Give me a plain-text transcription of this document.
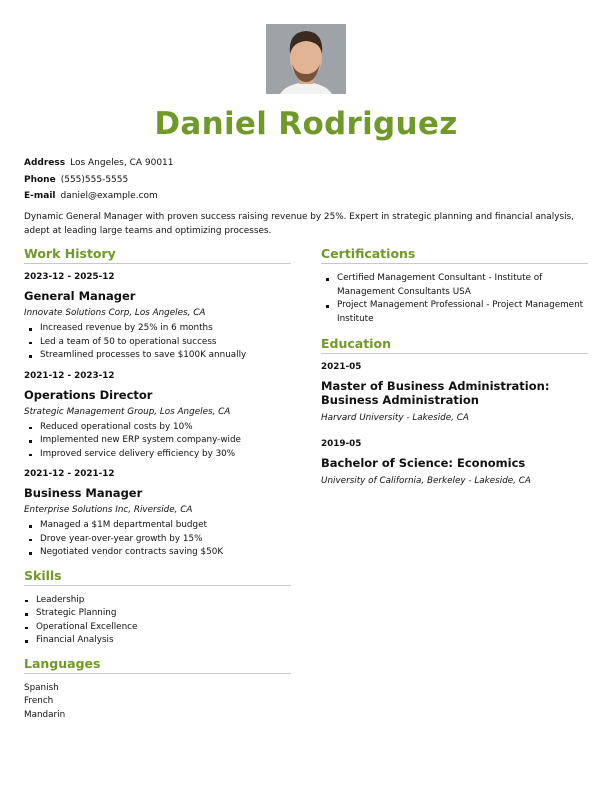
Daniel Rodriguez
Address Los Angeles, CA 90011
Phone (555)555-5555
E-mail daniel@example.com
Dynamic General Manager with proven success raising revenue by 25%. Expert in strategic planning and financial analysis, adept at leading large teams and optimizing processes.
Work History
2023-12 - 2025-12
General Manager
Innovate Solutions Corp, Los Angeles, CA
Increased revenue by 25% in 6 months
Led a team of 50 to operational success
Streamlined processes to save $100K annually
2021-12 - 2023-12
Operations Director
Strategic Management Group, Los Angeles, CA
Reduced operational costs by 10%
Implemented new ERP system company-wide
Improved service delivery efficiency by 30%
2021-12 - 2021-12
Business Manager
Enterprise Solutions Inc, Riverside, CA
Managed a $1M departmental budget
Drove year-over-year growth by 15%
Negotiated vendor contracts saving $50K
Skills
Leadership
Strategic Planning
Operational Excellence
Financial Analysis
Languages
Spanish
French
Mandarin
Certifications
Certified Management Consultant - Institute of Management Consultants USA
Project Management Professional - Project Management Institute
Education
2021-05
Master of Business Administration: Business Administration
Harvard University - Lakeside, CA
2019-05
Bachelor of Science: Economics
University of California, Berkeley - Lakeside, CA
